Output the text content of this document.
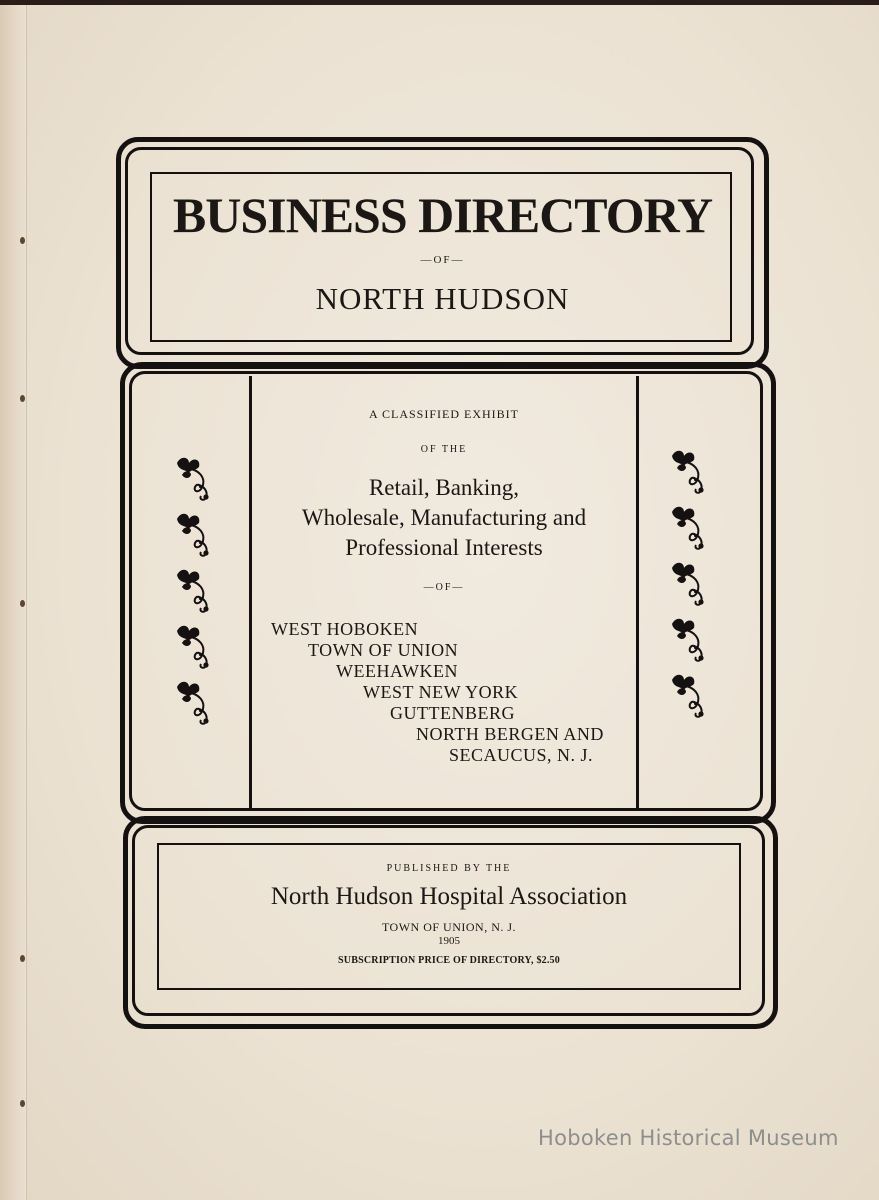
BUSINESS DIRECTORY

—OF—

NORTH HUDSON

A CLASSIFIED EXHIBIT

OF THE

Retail, Banking,

Wholesale, Manufacturing and

Professional Interests

—OF—

WEST HOBOKEN
TOWN OF UNION
WEEHAWKEN
WEST NEW YORK
GUTTENBERG
NORTH BERGEN AND
SECAUCUS, N. J.

PUBLISHED BY THE

North Hudson Hospital Association

TOWN OF UNION, N. J.

1905

SUBSCRIPTION PRICE OF DIRECTORY, $2.50

Hoboken Historical Museum
